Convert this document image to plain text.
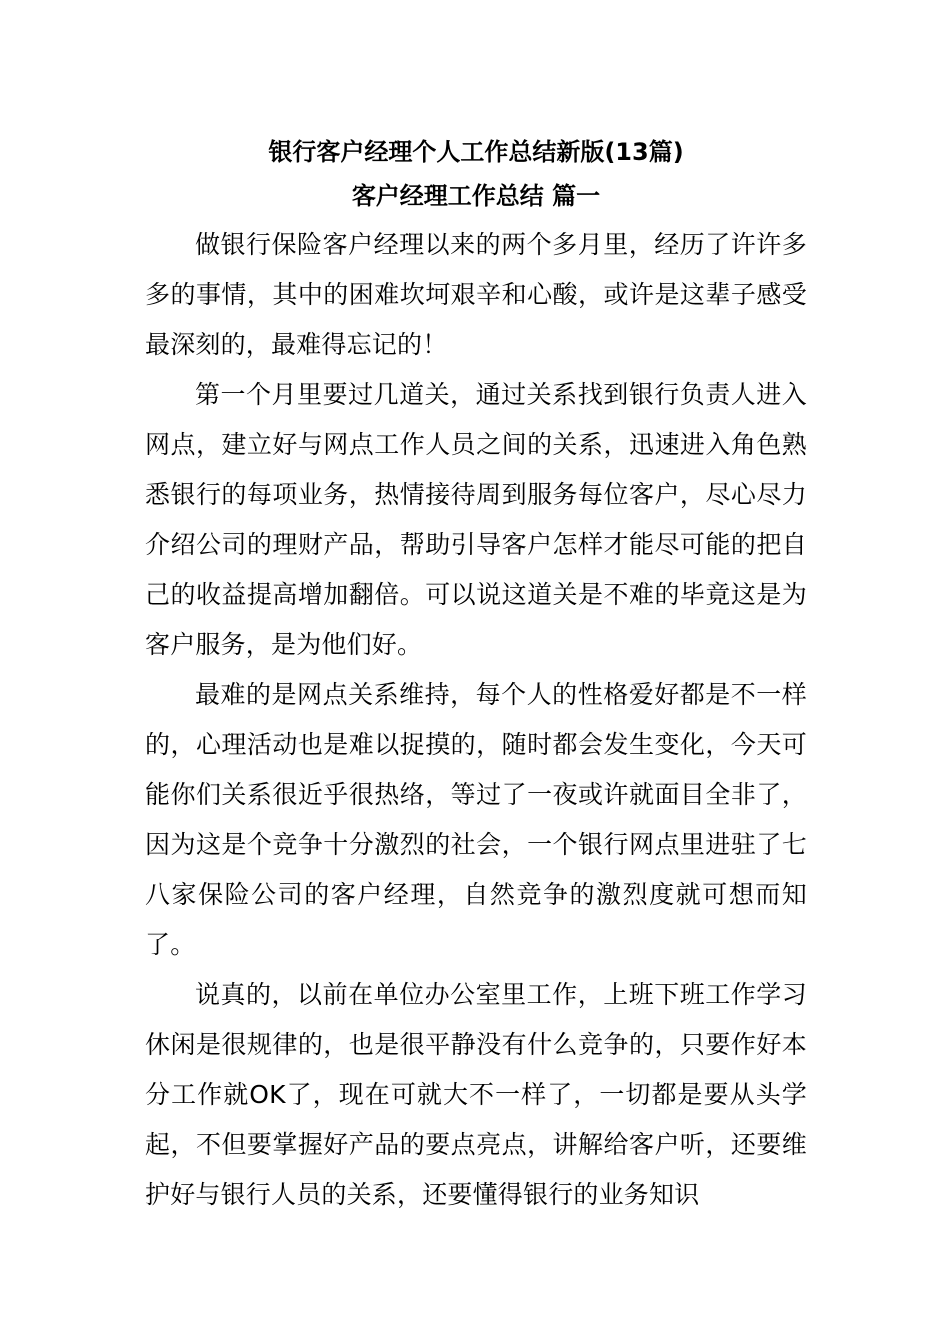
银行客户经理个人工作总结新版(13篇)
客户经理工作总结 篇一

做银行保险客户经理以来的两个多月里，经历了许许多多的事情，其中的困难坎坷艰辛和心酸，或许是这辈子感受最深刻的，最难得忘记的！

第一个月里要过几道关，通过关系找到银行负责人进入网点，建立好与网点工作人员之间的关系，迅速进入角色熟悉银行的每项业务，热情接待周到服务每位客户，尽心尽力介绍公司的理财产品，帮助引导客户怎样才能尽可能的把自己的收益提高增加翻倍。可以说这道关是不难的毕竟这是为客户服务，是为他们好。

最难的是网点关系维持，每个人的性格爱好都是不一样的，心理活动也是难以捉摸的，随时都会发生变化，今天可能你们关系很近乎很热络，等过了一夜或许就面目全非了，因为这是个竞争十分激烈的社会，一个银行网点里进驻了七八家保险公司的客户经理，自然竞争的激烈度就可想而知了。

说真的，以前在单位办公室里工作，上班下班工作学习休闲是很规律的，也是很平静没有什么竞争的，只要作好本分工作就OK了，现在可就大不一样了，一切都是要从头学起，不但要掌握好产品的要点亮点，讲解给客户听，还要维护好与银行人员的关系，还要懂得银行的业务知识
